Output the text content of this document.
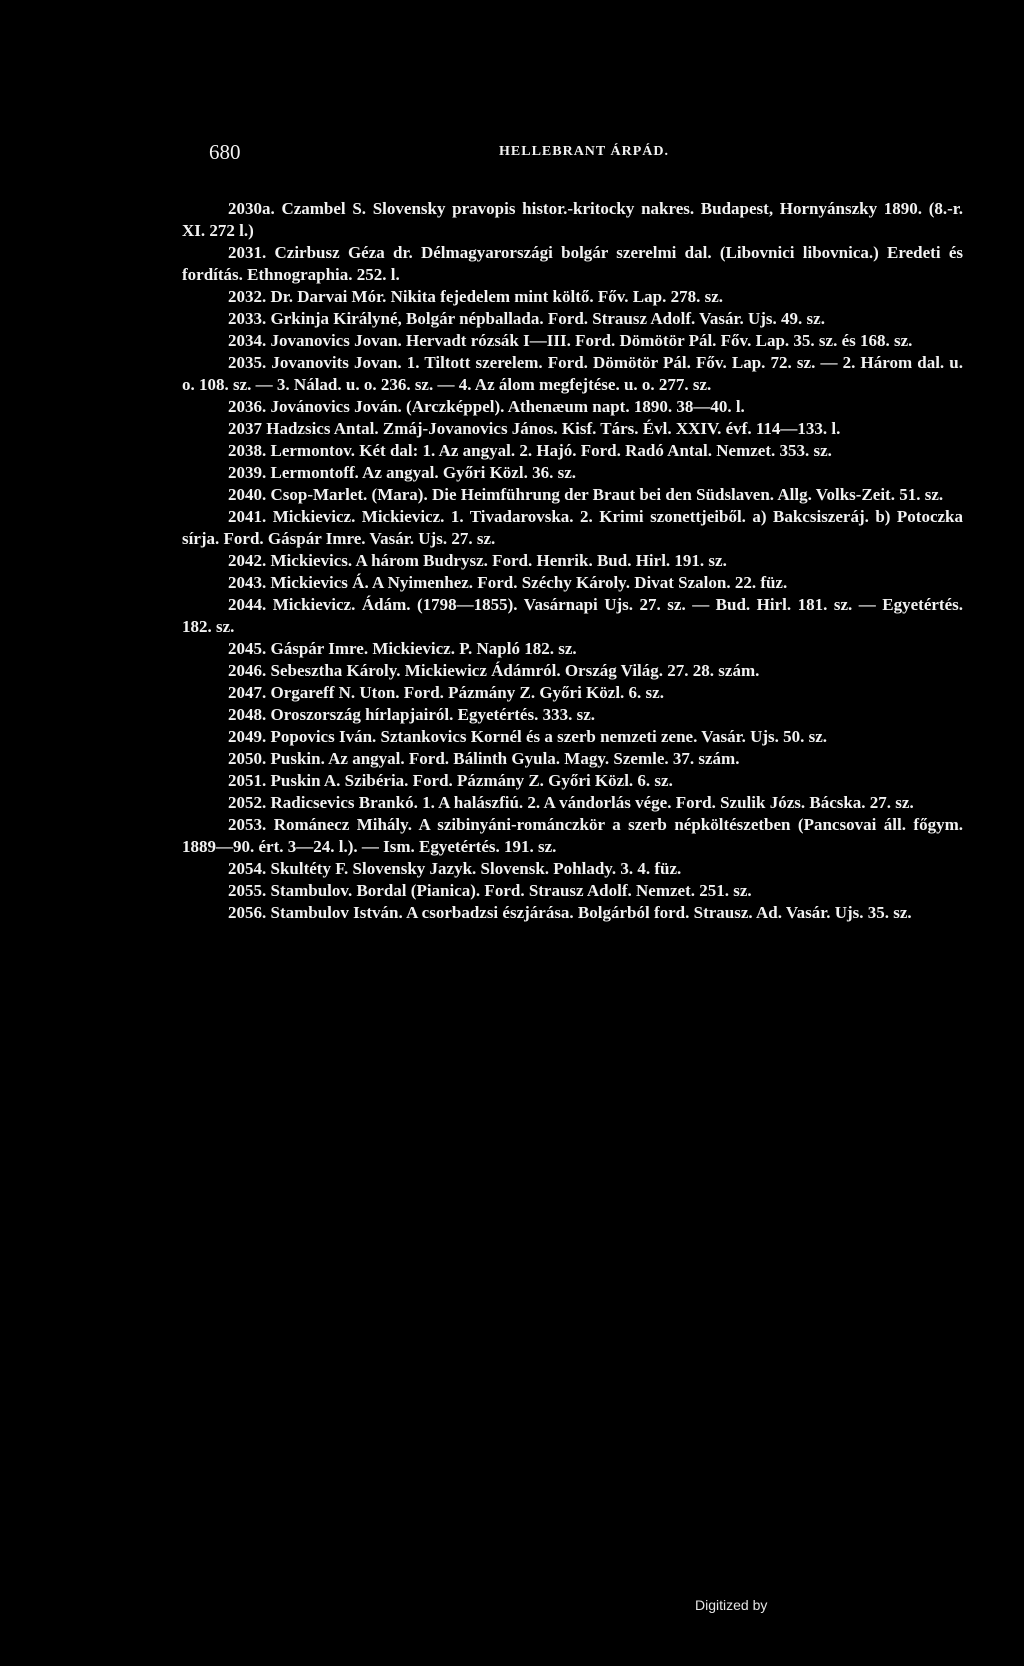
680	HELLEBRANT ÁRPÁD.

2030a. Czambel S. Slovensky pravopis histor.-kritocky nakres. Budapest, Hornyánszky 1890. (8.-r. XI. 272 l.)

2031. Czirbusz Géza dr. Délmagyarországi bolgár szerelmi dal. (Libovnici libovnica.) Eredeti és fordítás. Ethnographia. 252. l.

2032. Dr. Darvai Mór. Nikita fejedelem mint költő. Főv. Lap. 278. sz.

2033. Grkinja Királyné, Bolgár népballada. Ford. Strausz Adolf. Vasár. Ujs. 49. sz.

2034. Jovanovics Jovan. Hervadt rózsák I—III. Ford. Dömötör Pál. Főv. Lap. 35. sz. és 168. sz.

2035. Jovanovits Jovan. 1. Tiltott szerelem. Ford. Dömötör Pál. Főv. Lap. 72. sz. — 2. Három dal. u. o. 108. sz. — 3. Nálad. u. o. 236. sz. — 4. Az álom megfejtése. u. o. 277. sz.

2036. Jovánovics Jován. (Arczképpel). Athenæum napt. 1890. 38—40. l.

2037 Hadzsics Antal. Zmáj-Jovanovics János. Kisf. Társ. Évl. XXIV. évf. 114—133. l.

2038. Lermontov. Két dal: 1. Az angyal. 2. Hajó. Ford. Radó Antal. Nemzet. 353. sz.

2039. Lermontoff. Az angyal. Győri Közl. 36. sz.

2040. Csop-Marlet. (Mara). Die Heimführung der Braut bei den Südslaven. Allg. Volks-Zeit. 51. sz.

2041. Mickievicz. Mickievicz. 1. Tivadarovska. 2. Krimi szonettjeiből. a) Bakcsiszeráj. b) Potoczka sírja. Ford. Gáspár Imre. Vasár. Ujs. 27. sz.

2042. Mickievics. A három Budrysz. Ford. Henrik. Bud. Hirl. 191. sz.

2043. Mickievics Á. A Nyimenhez. Ford. Széchy Károly. Divat Szalon. 22. füz.

2044. Mickievicz. Ádám. (1798—1855). Vasárnapi Ujs. 27. sz. — Bud. Hirl. 181. sz. — Egyetértés. 182. sz.

2045. Gáspár Imre. Mickievicz. P. Napló 182. sz.

2046. Sebesztha Károly. Mickiewicz Ádámról. Ország Világ. 27. 28. szám.

2047. Orgareff N. Uton. Ford. Pázmány Z. Győri Közl. 6. sz.

2048. Oroszország hírlapjairól. Egyetértés. 333. sz.

2049. Popovics Iván. Sztankovics Kornél és a szerb nemzeti zene. Vasár. Ujs. 50. sz.

2050. Puskin. Az angyal. Ford. Bálinth Gyula. Magy. Szemle. 37. szám.

2051. Puskin A. Szibéria. Ford. Pázmány Z. Győri Közl. 6. sz.

2052. Radicsevics Brankó. 1. A halászfiú. 2. A vándorlás vége. Ford. Szulik Józs. Bácska. 27. sz.

2053. Románecz Mihály. A szibinyáni-románczkör a szerb népköltészetben (Pancsovai áll. főgym. 1889—90. ért. 3—24. l.). — Ism. Egyetértés. 191. sz.

2054. Skultéty F. Slovensky Jazyk. Slovensk. Pohlady. 3. 4. füz.

2055. Stambulov. Bordal (Pianica). Ford. Strausz Adolf. Nemzet. 251. sz.

2056. Stambulov István. A csorbadzsi észjárása. Bolgárból ford. Strausz. Ad. Vasár. Ujs. 35. sz.

Digitized by
